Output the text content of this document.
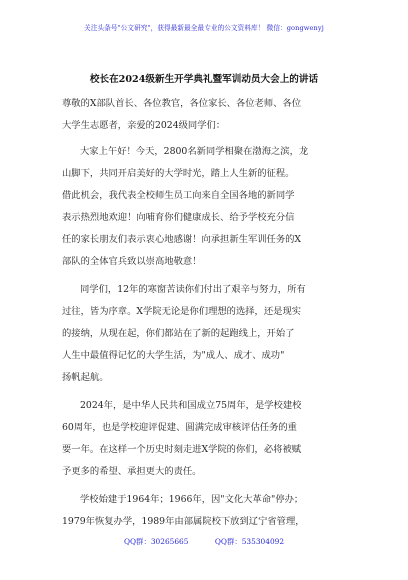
关注头条号"公文研究"，获得最新最全最专业的公文资料库！ 微信：gongwenyj
校长在2024级新生开学典礼暨军训动员大会上的讲话
尊敬的X部队首长、各位教官，各位家长、各位老师、各位
大学生志愿者，亲爱的2024级同学们：
大家上午好！今天，2800名新同学相聚在渤海之滨，龙
山脚下，共同开启美好的大学时光，踏上人生新的征程。
借此机会，我代表全校师生员工向来自全国各地的新同学
表示热烈地欢迎！向哺育你们健康成长、给予学校充分信
任的家长朋友们表示衷心地感谢！向承担新生军训任务的X
部队的全体官兵致以崇高地敬意！
同学们，12年的寒窗苦读你们付出了艰辛与努力，所有
过往，皆为序章。X学院无论是你们理想的选择，还是现实
的接纳，从现在起，你们都站在了新的起跑线上，开始了
人生中最值得记忆的大学生活，为"成人、成才、成功"
扬帆起航。
2024年，是中华人民共和国成立75周年，是学校建校
60周年，也是学校迎评促建、圆满完成审核评估任务的重
要一年。在这样一个历史时刻走进X学院的你们，必将被赋
予更多的希望、承担更大的责任。
学校始建于1964年；1966年，因"文化大革命"停办；
1979年恢复办学，1989年由部属院校下放到辽宁省管理，
QQ群：30265665	QQ群：535304092
